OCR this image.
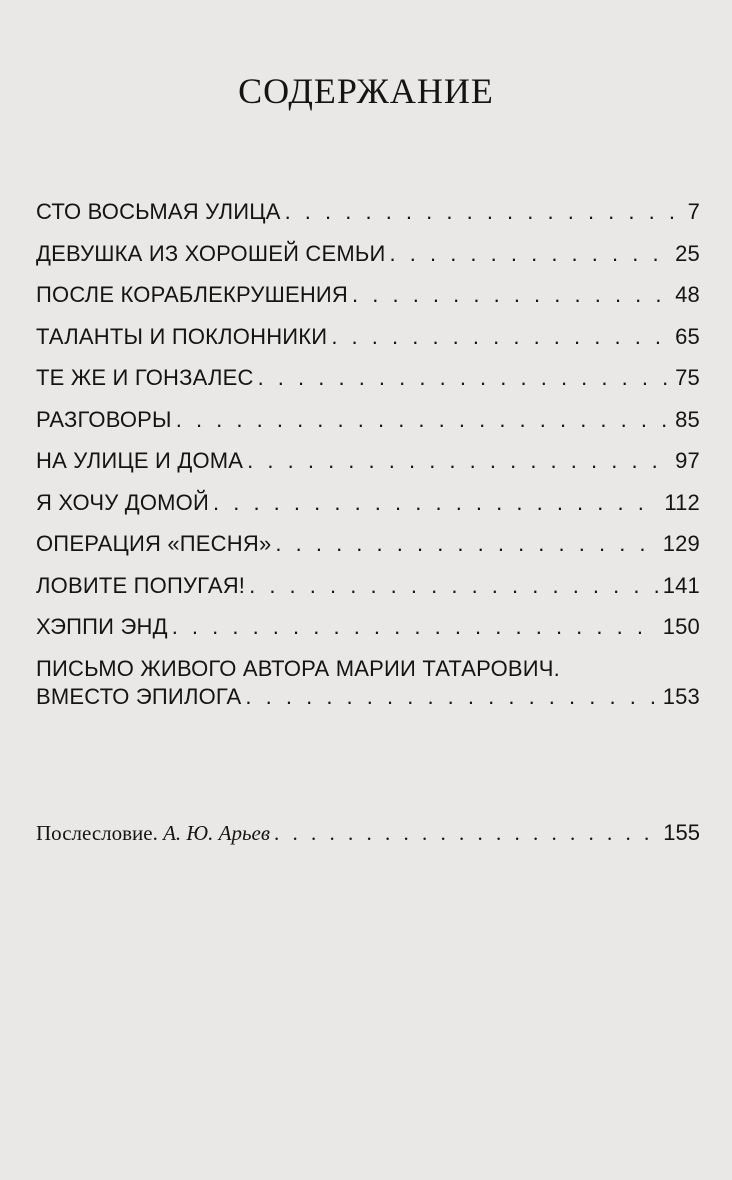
СОДЕРЖАНИЕ
СТО ВОСЬМАЯ УЛИЦА . . .	7
ДЕВУШКА ИЗ ХОРОШЕЙ СЕМЬИ . . .	25
ПОСЛЕ КОРАБЛЕКРУШЕНИЯ . . .	48
ТАЛАНТЫ И ПОКЛОННИКИ . . .	65
ТЕ ЖЕ И ГОНЗАЛЕС . . .	75
РАЗГОВОРЫ . . .	85
НА УЛИЦЕ И ДОМА . . .	97
Я ХОЧУ ДОМОЙ . . .	112
ОПЕРАЦИЯ «ПЕСНЯ» . . .	129
ЛОВИТЕ ПОПУГАЯ! . . .	141
ХЭППИ ЭНД . . .	150
ПИСЬМО ЖИВОГО АВТОРА МАРИИ ТАТАРОВИЧ.
ВМЕСТО ЭПИЛОГА . . .	153
Послесловие. А. Ю. Арьев . . .	155
